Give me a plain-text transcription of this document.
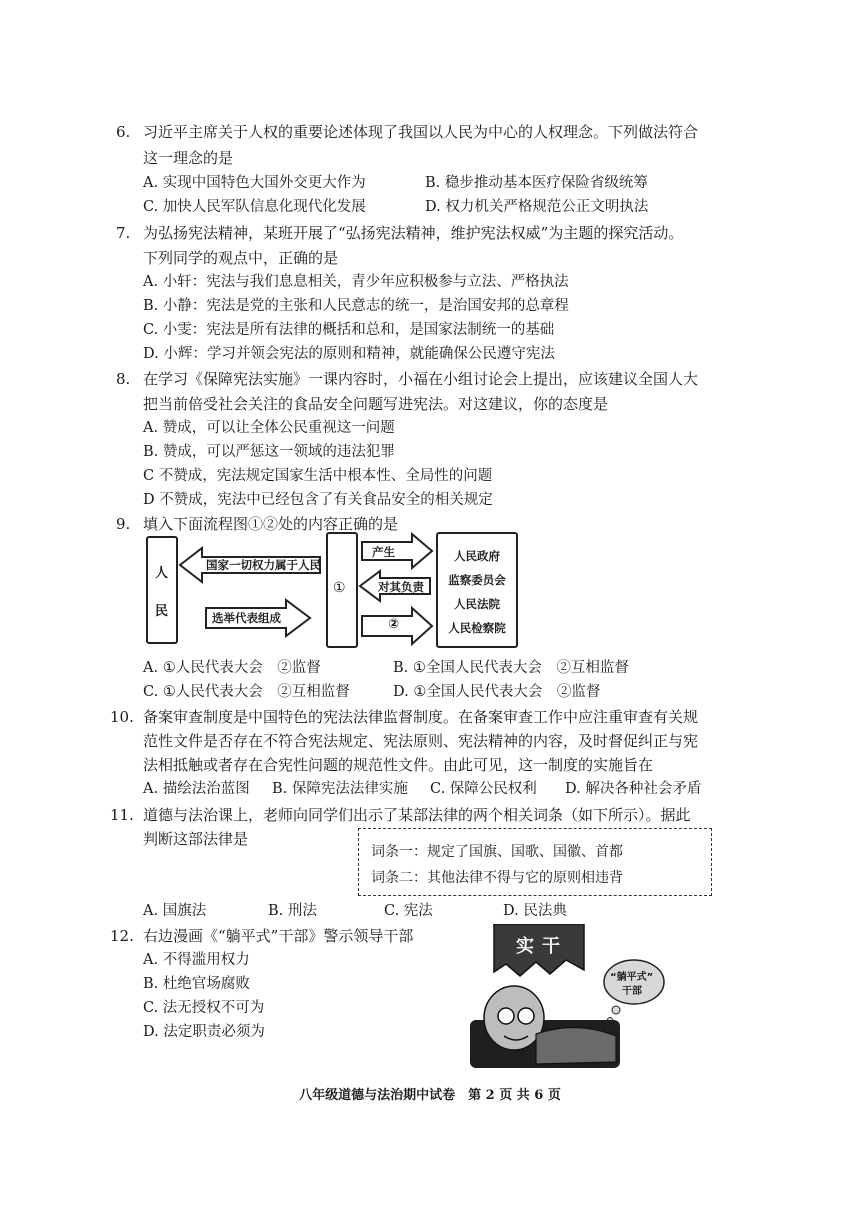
6. 习近平主席关于人权的重要论述体现了我国以人民为中心的人权理念。下列做法符合
这一理念的是
A. 实现中国特色大国外交更大作为	B. 稳步推动基本医疗保险省级统筹
C. 加快人民军队信息化现代化发展	D. 权力机关严格规范公正文明执法
7. 为弘扬宪法精神，某班开展了“弘扬宪法精神，维护宪法权威”为主题的探究活动。
下列同学的观点中，正确的是
A. 小轩：宪法与我们息息相关，青少年应积极参与立法、严格执法
B. 小静：宪法是党的主张和人民意志的统一，是治国安邦的总章程
C. 小雯：宪法是所有法律的概括和总和，是国家法制统一的基础
D. 小辉：学习并领会宪法的原则和精神，就能确保公民遵守宪法
8. 在学习《保障宪法实施》一课内容时，小福在小组讨论会上提出，应该建议全国人大
把当前倍受社会关注的食品安全问题写进宪法。对这建议，你的态度是
A. 赞成，可以让全体公民重视这一问题
B. 赞成，可以严惩这一领域的违法犯罪
C 不赞成，宪法规定国家生活中根本性、全局性的问题
D 不赞成，宪法中已经包含了有关食品安全的相关规定
9. 填入下面流程图①②处的内容正确的是
人
民
国家一切权力属于人民
选举代表组成
①
产生
对其负责
②
人民政府
监察委员会
人民法院
人民检察院
A. ①人民代表大会　②监督	B. ①全国人民代表大会　②互相监督
C. ①人民代表大会　②互相监督	D. ①全国人民代表大会　②监督
10. 备案审查制度是中国特色的宪法法律监督制度。在备案审查工作中应注重审查有关规
范性文件是否存在不符合宪法规定、宪法原则、宪法精神的内容，及时督促纠正与宪
法相抵触或者存在合宪性问题的规范性文件。由此可见，这一制度的实施旨在
A. 描绘法治蓝图 B. 保障宪法法律实施 C. 保障公民权利 D. 解决各种社会矛盾
11. 道德与法治课上，老师向同学们出示了某部法律的两个相关词条（如下所示）。据此
判断这部法律是
词条一：规定了国旗、国歌、国徽、首都
词条二：其他法律不得与它的原则相违背
A. 国旗法	B. 刑法	C. 宪法	D. 民法典
12. 右边漫画《“躺平式”干部》警示领导干部
A. 不得滥用权力
B. 杜绝官场腐败
C. 法无授权不可为
D. 法定职责必须为
实干
“躺平式”
干部
八年级道德与法治期中试卷　第 2 页 共 6 页
